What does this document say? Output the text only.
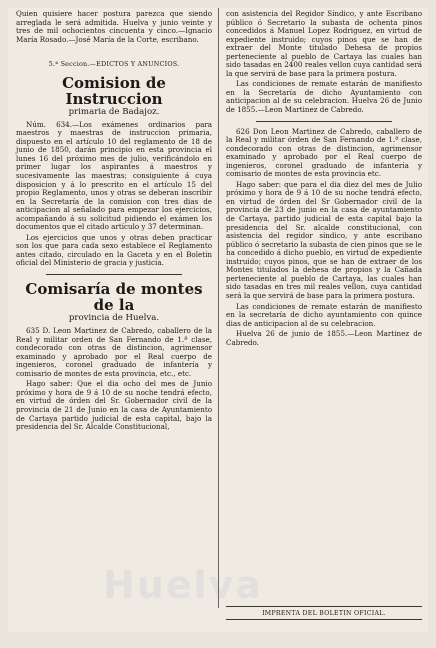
Quien quisiere hacer postura parezca que siendo arreglada le será admitida. Huelva y junio veinte y tres de mil ochocientos cincuenta y cinco.—Ignacio María Rosado.—José María de la Corte, escribano.

5.ª Seccion.—EDICTOS Y ANUNCIOS.
Comision de Instruccion
primaria de Badajoz.

Núm. 634.—Los exámenes ordinarios para maestros y maestras de instruccion primaria, dispuesto en el artículo 10 del reglamento de 18 de junio de 1850, darán principio en esta provincia el lunes 16 del próximo mes de julio, verificándolo en primer lugar los aspirantes á maestros y sucesivamente las maestras; consiguiente á cuya disposicion y á lo prescrito en el artículo 15 del propio Reglamento, unos y otras se deberan inscribir en la Secretaría de la comision con tres dias de anticipacion al señalado para empezar los ejercicios, acompañando á su solicitud pidiendo el exámen los documentos que el citado artículo y 37 determinan.

Los ejercicios que unos y otras deben practicar son los que para cada sexo establece el Reglamento antes citado, circulado en la Gaceta y en el Boletin oficial del Ministerio de gracia y justicia.

Comisaría de montes de la
provincia de Huelva.

635 D. Leon Martinez de Cabredo, caballero de la Real y militar orden de San Fernando de 1.ª clase, condecorado con otras de distincion, agrimensor examinado y aprobado por el Real cuerpo de ingenieros, coronel graduado de infantería y comisario de montes de esta provincia, etc., etc.

Hago saber: Que el dia ocho del mes de Junio próximo y hora de 9 á 10 de su noche tendrá efecto, en virtud de órden del Sr. Gobernador civil de la provincia de 21 de Junio en la casa de Ayuntamiento de Cartaya partido judicial de esta capital, bajo la presidencia del Sr. Alcalde Constitucional,

con asistencia del Regidor Síndico, y ante Escribano público ó Secretario la subasta de ochenta pinos concedidos á Manuel Lopez Rodriguez, en virtud de expediente instruido; cuyos pinos que se han de extraer del Monte titulado Dehesa de propios perteneciente al pueblo de Cartaya las cuales han sido tasadas en 2400 reales vellon cuya cantidad será la que servirá de base para la primera postura.

Las condiciones de remate estarán de manifiesto en la Secretaría de dicho Ayuntamiento con anticipacion al de su celebracion. Huelva 26 de Junio de 1855.—Leon Martinez de Cabredo.

626 Don Leon Martinez de Cabredo, caballero de la Real y militar órden de San Fernando de 1.ª clase, condecorado con otras de distincion, agrimensor examinado y aprobado por el Real cuerpo de ingenieros, coronel graduado de infantería y comisario de montes de esta provincia etc.

Hago saber: que para el dia diez del mes de Julio próximo y hora de 9 á 10 de su noche tendrá efecto, en virtud de órden del Sr Gobernador civil de la provincia de 23 de junio en la casa de ayuntamiento de Cartaya, partido judicial de esta capital bajo la presidencia del Sr. alcalde constitucional, con asistencia del regidor síndico, y ante escribano público ó secretario la subasta de cien pinos que se le ha concedido á dicho pueblo, en virtud de expediente instruido; cuyos pinos, que se han de extraer de los Montes titulados la dehesa de propios y la Cañada perteneciente al pueblo de Cartaya, las cuales han sido tasadas en tres mil reales vellon, cuya cantidad será la que servirá de base para la primera postura.

Las condiciones de remate estarán de manifiesto en la secretaría de dicho ayuntamiento con quince dias de anticipacion al de su celebracion.

Huelva 26 de junio de 1855.—Leon Martinez de Cabredo.

IMPRENTA DEL BOLETIN OFICIAL.
Huelva
